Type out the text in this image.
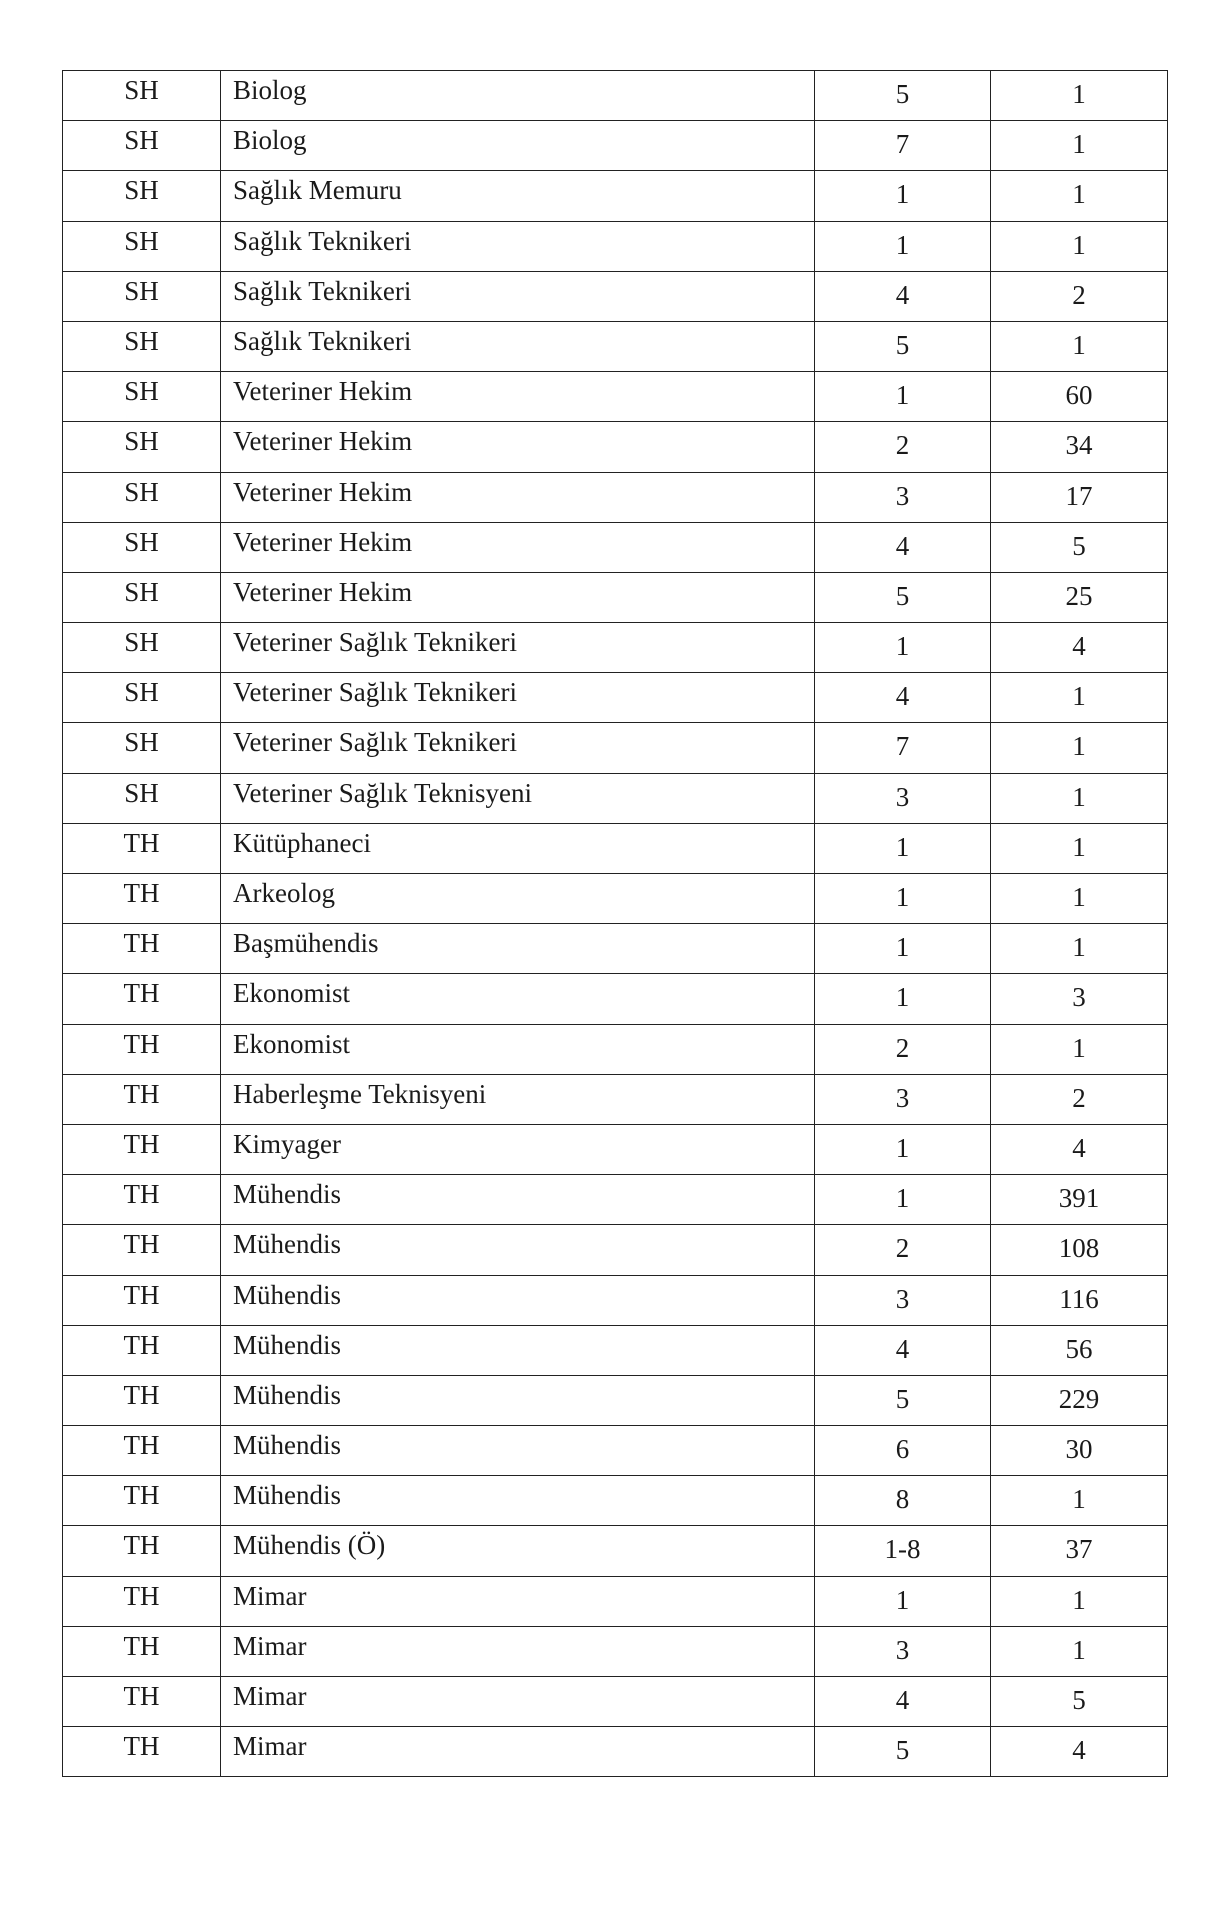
SH	Biolog	5	1
SH	Biolog	7	1
SH	Sağlık Memuru	1	1
SH	Sağlık Teknikeri	1	1
SH	Sağlık Teknikeri	4	2
SH	Sağlık Teknikeri	5	1
SH	Veteriner Hekim	1	60
SH	Veteriner Hekim	2	34
SH	Veteriner Hekim	3	17
SH	Veteriner Hekim	4	5
SH	Veteriner Hekim	5	25
SH	Veteriner Sağlık Teknikeri	1	4
SH	Veteriner Sağlık Teknikeri	4	1
SH	Veteriner Sağlık Teknikeri	7	1
SH	Veteriner Sağlık Teknisyeni	3	1
TH	Kütüphaneci	1	1
TH	Arkeolog	1	1
TH	Başmühendis	1	1
TH	Ekonomist	1	3
TH	Ekonomist	2	1
TH	Haberleşme Teknisyeni	3	2
TH	Kimyager	1	4
TH	Mühendis	1	391
TH	Mühendis	2	108
TH	Mühendis	3	116
TH	Mühendis	4	56
TH	Mühendis	5	229
TH	Mühendis	6	30
TH	Mühendis	8	1
TH	Mühendis (Ö)	1-8	37
TH	Mimar	1	1
TH	Mimar	3	1
TH	Mimar	4	5
TH	Mimar	5	4
